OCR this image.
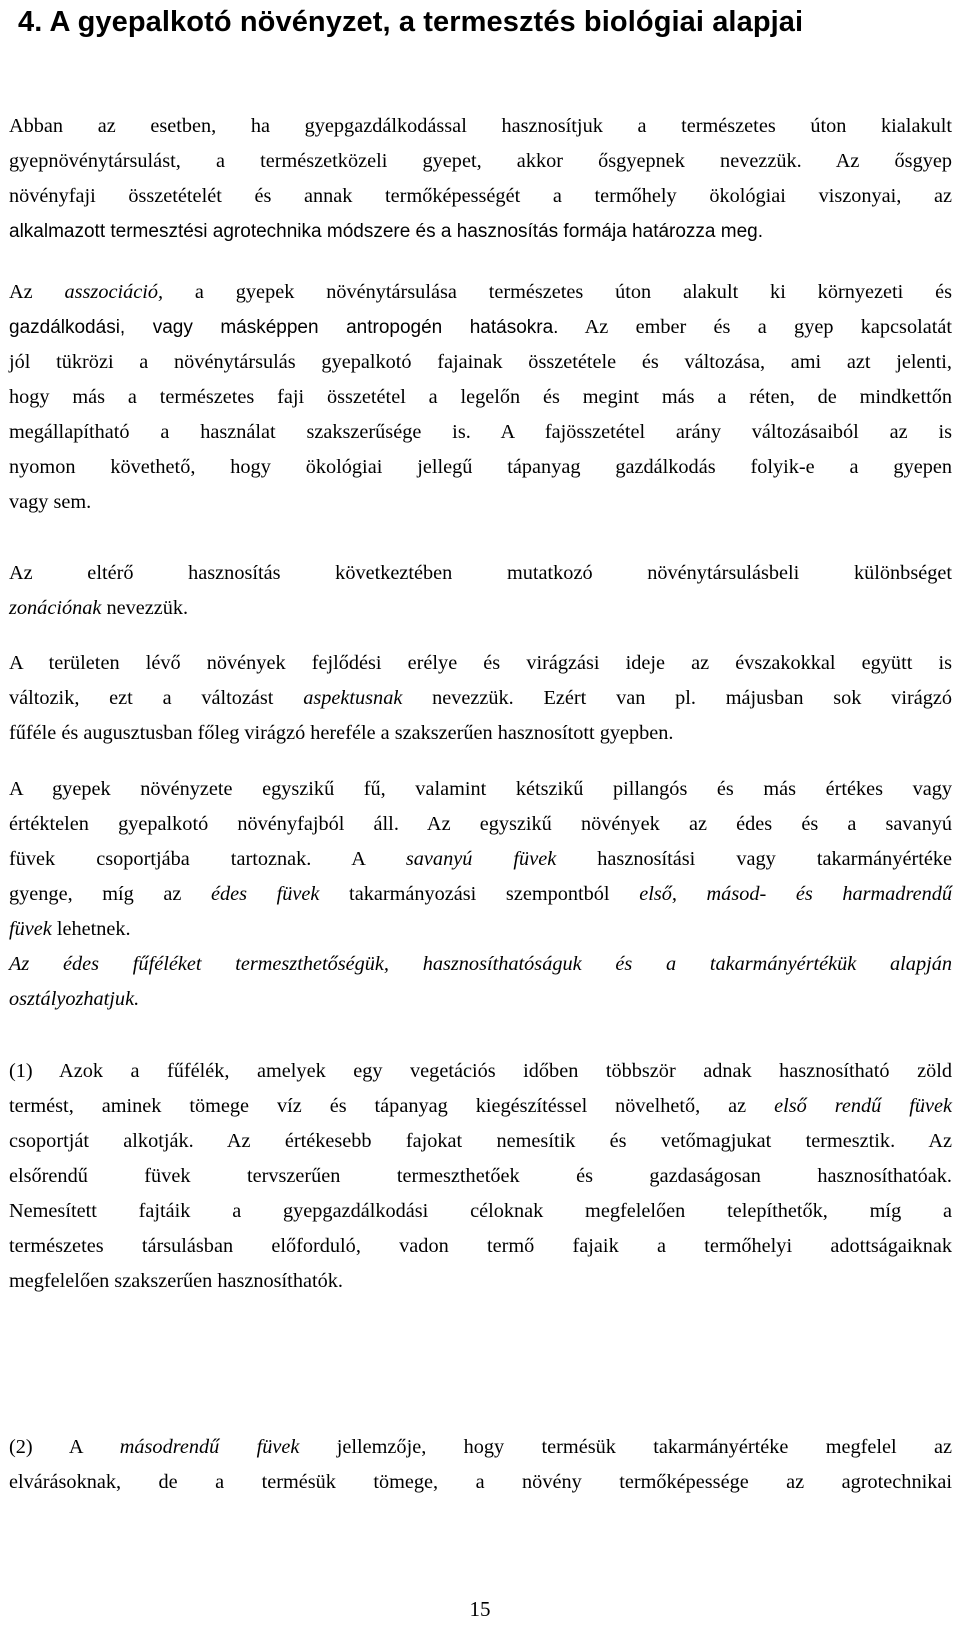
4. A gyepalkotó növényzet, a termesztés biológiai alapjai

Abban az esetben, ha gyepgazdálkodással hasznosítjuk a természetes úton kialakult
gyepnövénytársulást, a természetközeli gyepet, akkor ősgyepnek nevezzük. Az ősgyep
növényfaji összetételét és annak termőképességét a termőhely ökológiai viszonyai, az
alkalmazott termesztési agrotechnika módszere és a hasznosítás formája határozza meg.

Az asszociáció, a gyepek növénytársulása természetes úton alakult ki környezeti és
gazdálkodási, vagy másképpen antropogén hatásokra. Az ember és a gyep kapcsolatát
jól tükrözi a növénytársulás gyepalkotó fajainak összetétele és változása, ami azt jelenti,
hogy más a természetes faji összetétel a legelőn és megint más a réten, de mindkettőn
megállapítható a használat szakszerűsége is. A fajösszetétel arány változásaiból az is
nyomon követhető, hogy ökológiai jellegű tápanyag gazdálkodás folyik-e a gyepen
vagy sem.

Az eltérő hasznosítás következtében mutatkozó növénytársulásbeli különbséget
zonációnak nevezzük.

A területen lévő növények fejlődési erélye és virágzási ideje az évszakokkal együtt is
változik, ezt a változást aspektusnak nevezzük. Ezért van pl. májusban sok virágzó
fűféle és augusztusban főleg virágzó hereféle a szakszerűen hasznosított gyepben.

A gyepek növényzete egyszikű fű, valamint kétszikű pillangós és más értékes vagy
értéktelen gyepalkotó növényfajból áll. Az egyszikű növények az édes és a savanyú
füvek csoportjába tartoznak. A savanyú füvek hasznosítási vagy takarmányértéke
gyenge, míg az édes füvek takarmányozási szempontból első, másod- és harmadrendű
füvek lehetnek.

Az édes fűféléket termeszthetőségük, hasznosíthatóságuk és a takarmányértékük alapján
osztályozhatjuk.

(1) Azok a fűfélék, amelyek egy vegetációs időben többször adnak hasznosítható zöld
termést, aminek tömege víz és tápanyag kiegészítéssel növelhető, az első rendű füvek
csoportját alkotják. Az értékesebb fajokat nemesítik és vetőmagjukat termesztik. Az
elsőrendű füvek tervszerűen termeszthetőek és gazdaságosan hasznosíthatóak.
Nemesített fajtáik a gyepgazdálkodási céloknak megfelelően telepíthetők, míg a
természetes társulásban előforduló, vadon termő fajaik a termőhelyi adottságaiknak
megfelelően szakszerűen hasznosíthatók.

(2) A másodrendű füvek jellemzője, hogy termésük takarmányértéke megfelel az
elvárásoknak, de a termésük tömege, a növény termőképessége az agrotechnikai

15
